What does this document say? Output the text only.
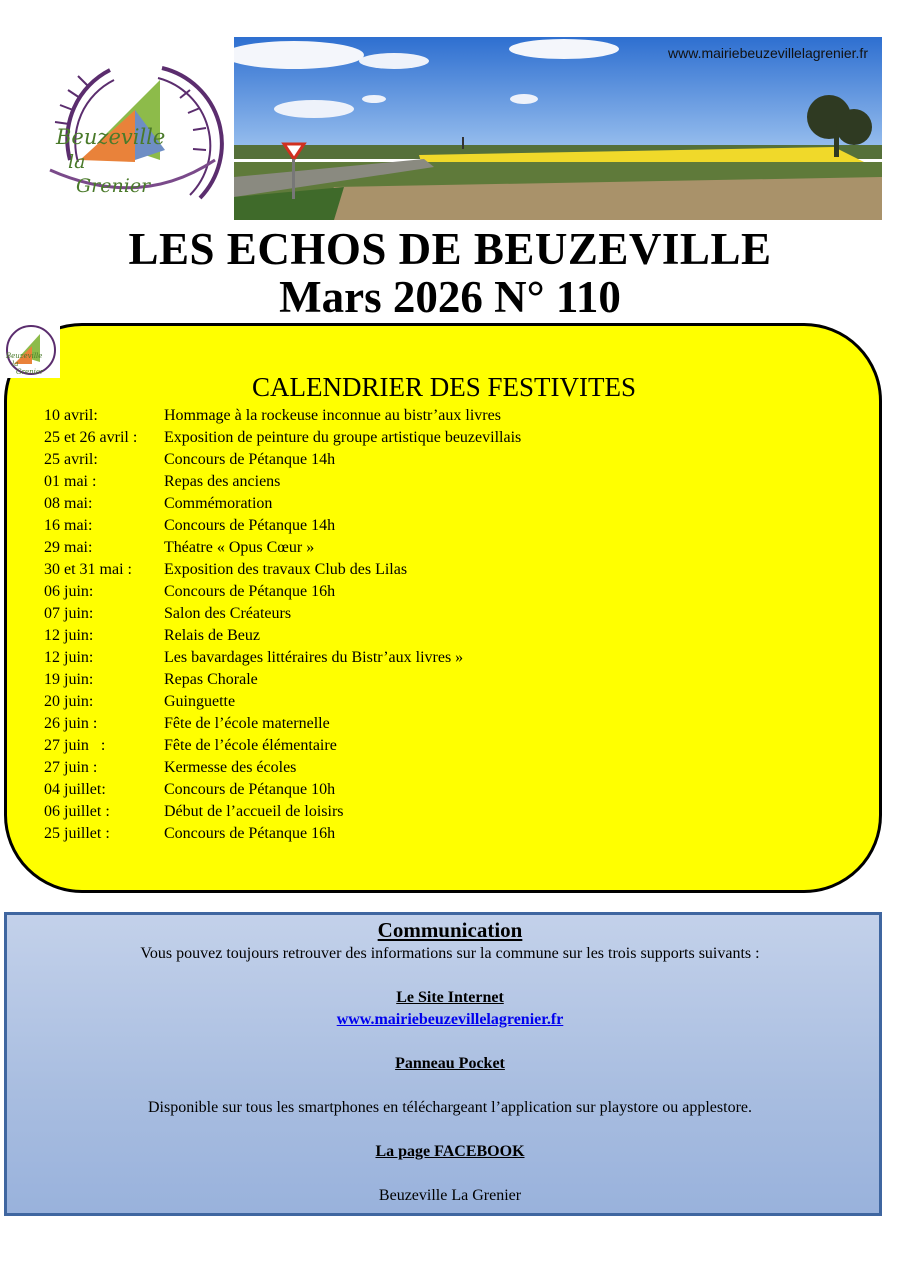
Beuzeville
la
Grenier
www.mairiebeuzevillelagrenier.fr
LES ECHOS DE BEUZEVILLE
Mars 2026 N° 110
Beuzeville
la
Grenier	CALENDRIER DES FESTIVITES
10 avril:	Hommage à la rockeuse inconnue au bistr’aux livres
25 et 26 avril :	Exposition de peinture du groupe artistique beuzevillais
25 avril:	Concours de Pétanque 14h
01 mai :	Repas des anciens
08 mai:	Commémoration
16 mai:	Concours de Pétanque 14h
29 mai:	Théatre « Opus Cœur »
30 et 31 mai :	Exposition des travaux Club des Lilas
06 juin:	Concours de Pétanque 16h
07 juin:	Salon des Créateurs
12 juin:	Relais de Beuz
12 juin:	Les bavardages littéraires du Bistr’aux livres »
19 juin:	Repas Chorale
20 juin:	Guinguette
26 juin :	Fête de l’école maternelle
27 juin   :	Fête de l’école élémentaire
27 juin :	Kermesse des écoles
04 juillet:	Concours de Pétanque 10h
06 juillet :	Début de l’accueil de loisirs
25 juillet :	Concours de Pétanque 16h
Communication
Vous pouvez toujours retrouver des informations sur la commune sur les trois supports suivants :
Le Site Internet
www.mairiebeuzevillelagrenier.fr
Panneau Pocket
Disponible sur tous les smartphones en téléchargeant l’application sur playstore ou applestore.
La page FACEBOOK
Beuzeville La Grenier
